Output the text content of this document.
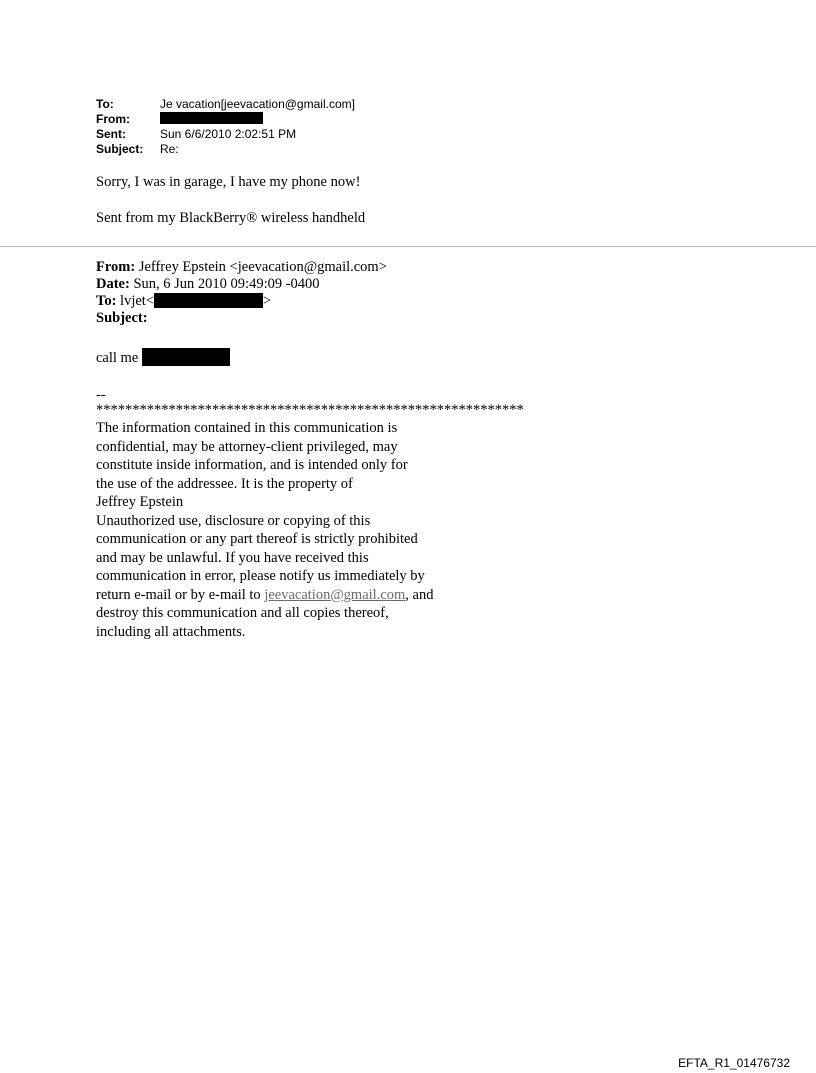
To:	Je vacation[jeevacation@gmail.com]
From:
Sent:	Sun 6/6/2010 2:02:51 PM
Subject:	Re:

Sorry, I was in garage, I have my phone now!

Sent from my BlackBerry® wireless handheld

From: Jeffrey Epstein <jeevacation@gmail.com>
Date: Sun, 6 Jun 2010 09:49:09 -0400
To: lvjet<	>
Subject:
call me
--
***********************************************************
The information contained in this communication is
confidential, may be attorney-client privileged, may
constitute inside information, and is intended only for
the use of the addressee. It is the property of
Jeffrey Epstein
Unauthorized use, disclosure or copying of this
communication or any part thereof is strictly prohibited
and may be unlawful. If you have received this
communication in error, please notify us immediately by
return e-mail or by e-mail to jeevacation@gmail.com, and
destroy this communication and all copies thereof,
including all attachments.
EFTA_R1_01476732
